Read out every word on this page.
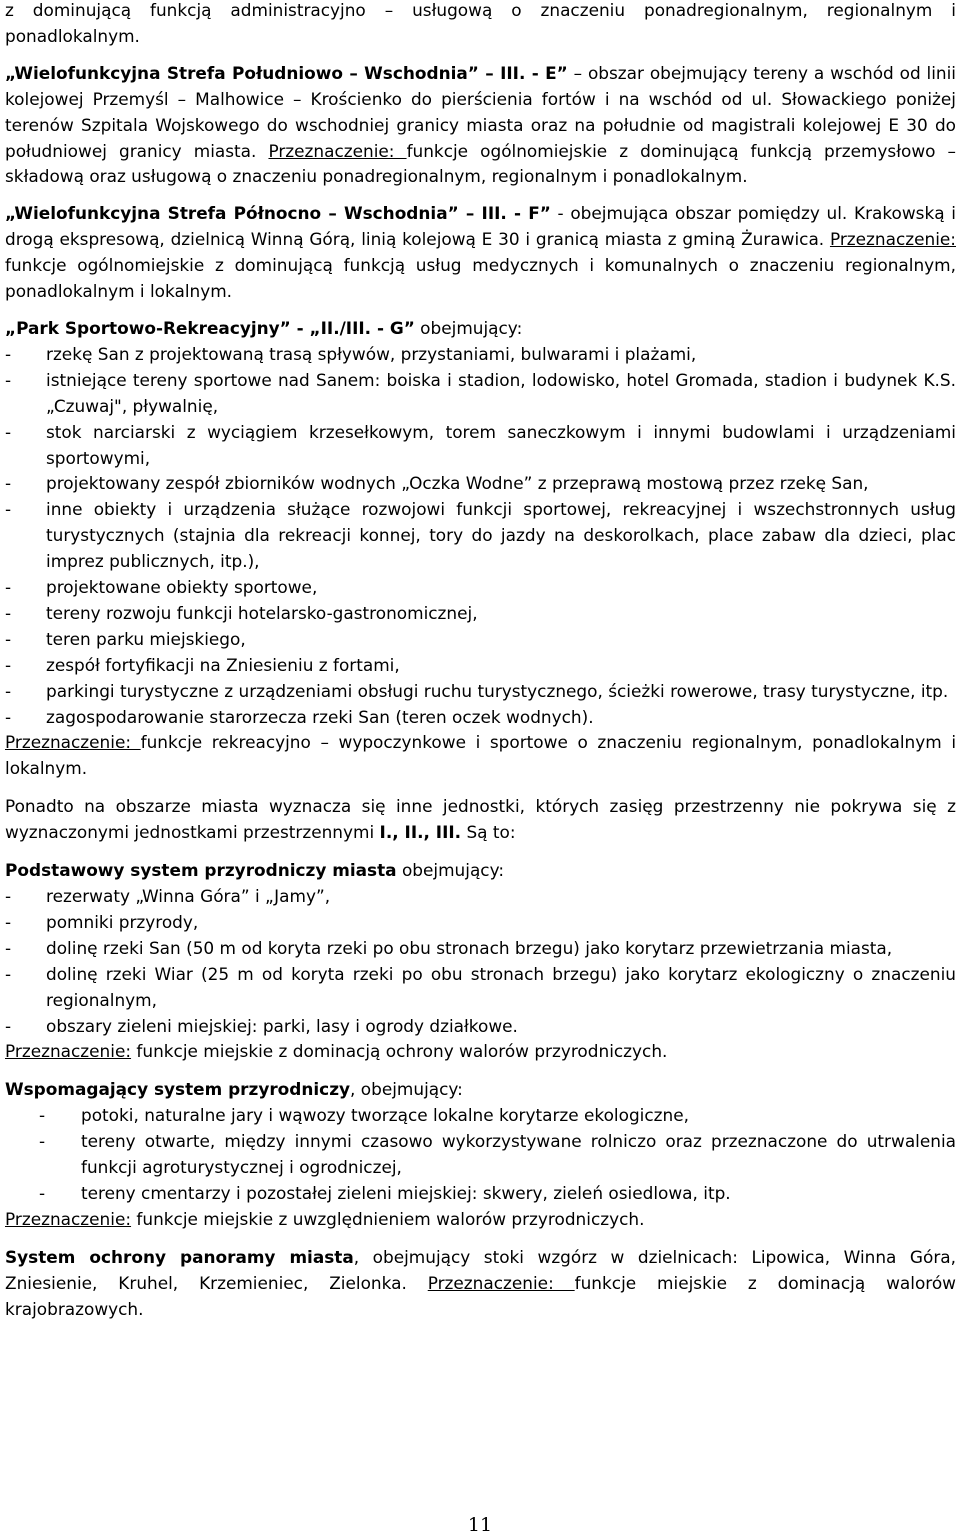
z dominującą funkcją administracyjno – usługową o znaczeniu ponadregionalnym, regionalnym i ponadlokalnym.

„Wielofunkcyjna Strefa Południowo – Wschodnia” – III. - E” – obszar obejmujący tereny a wschód od linii kolejowej Przemyśl – Malhowice – Krościenko do pierścienia fortów i na wschód od ul. Słowackiego poniżej terenów Szpitala Wojskowego do wschodniej granicy miasta oraz na południe od magistrali kolejowej E 30 do południowej granicy miasta. Przeznaczenie: funkcje ogólnomiejskie z dominującą funkcją przemysłowo – składową oraz usługową o znaczeniu ponadregionalnym, regionalnym i ponadlokalnym.

„Wielofunkcyjna Strefa Północno – Wschodnia” – III. - F” - obejmująca obszar pomiędzy ul. Krakowską i drogą ekspresową, dzielnicą Winną Górą, linią kolejową E 30 i granicą miasta z gminą Żurawica. Przeznaczenie: funkcje ogólnomiejskie z dominującą funkcją usług medycznych i komunalnych o znaczeniu regionalnym, ponadlokalnym i lokalnym.

„Park Sportowo-Rekreacyjny” - „II./III. - G” obejmujący:

- rzekę San z projektowaną trasą spływów, przystaniami, bulwarami i plażami,
- istniejące tereny sportowe nad Sanem: boiska i stadion, lodowisko, hotel Gromada, stadion i budynek K.S. „Czuwaj", pływalnię,
- stok narciarski z wyciągiem krzesełkowym, torem saneczkowym i innymi budowlami i urządzeniami sportowymi,
- projektowany zespół zbiorników wodnych „Oczka Wodne” z przeprawą mostową przez rzekę San,
- inne obiekty i urządzenia służące rozwojowi funkcji sportowej, rekreacyjnej i wszechstronnych usług turystycznych (stajnia dla rekreacji konnej, tory do jazdy na deskorolkach, place zabaw dla dzieci, plac imprez publicznych, itp.),
- projektowane obiekty sportowe,
- tereny rozwoju funkcji hotelarsko-gastronomicznej,
- teren parku miejskiego,
- zespół fortyfikacji na Zniesieniu z fortami,
- parkingi turystyczne z urządzeniami obsługi ruchu turystycznego, ścieżki rowerowe, trasy turystyczne, itp.
- zagospodarowanie starorzecza rzeki San (teren oczek wodnych).

Przeznaczenie: funkcje rekreacyjno – wypoczynkowe i sportowe o znaczeniu regionalnym, ponadlokalnym i lokalnym.

Ponadto na obszarze miasta wyznacza się inne jednostki, których zasięg przestrzenny nie pokrywa się z wyznaczonymi jednostkami przestrzennymi I., II., III. Są to:

Podstawowy system przyrodniczy miasta obejmujący:

- rezerwaty „Winna Góra” i „Jamy”,
- pomniki przyrody,
- dolinę rzeki San (50 m od koryta rzeki po obu stronach brzegu) jako korytarz przewietrzania miasta,
- dolinę rzeki Wiar (25 m od koryta rzeki po obu stronach brzegu) jako korytarz ekologiczny o znaczeniu regionalnym,
- obszary zieleni miejskiej: parki, lasy i ogrody działkowe.

Przeznaczenie: funkcje miejskie z dominacją ochrony walorów przyrodniczych.

Wspomagający system przyrodniczy, obejmujący:

- potoki, naturalne jary i wąwozy tworzące lokalne korytarze ekologiczne,
- tereny otwarte, między innymi czasowo wykorzystywane rolniczo oraz przeznaczone do utrwalenia funkcji agroturystycznej i ogrodniczej,
- tereny cmentarzy i pozostałej zieleni miejskiej: skwery, zieleń osiedlowa, itp.

Przeznaczenie: funkcje miejskie z uwzględnieniem walorów przyrodniczych.

System ochrony panoramy miasta, obejmujący stoki wzgórz w dzielnicach: Lipowica, Winna Góra, Zniesienie, Kruhel, Krzemieniec, Zielonka. Przeznaczenie: funkcje miejskie z dominacją walorów krajobrazowych.

11
